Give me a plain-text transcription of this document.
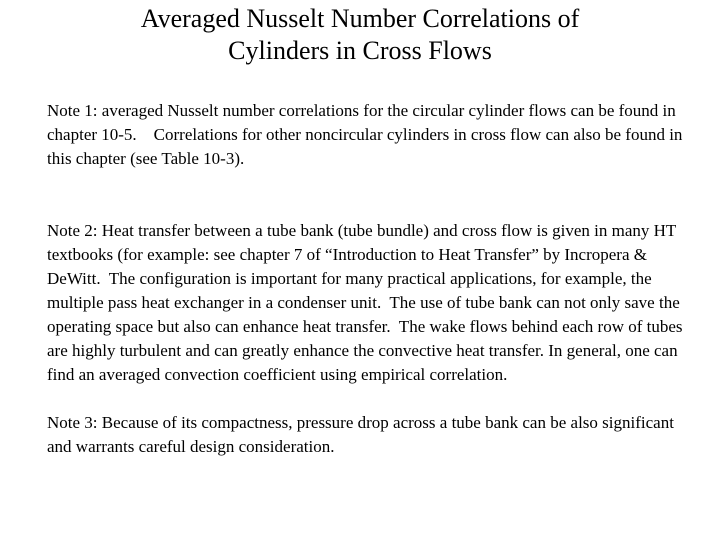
Averaged Nusselt Number Correlations of
Cylinders in Cross Flows

Note 1: averaged Nusselt number correlations for the circular cylinder flows can be found in chapter 10-5.    Correlations for other noncircular cylinders in cross flow can also be found in this chapter (see Table 10-3).

Note 2: Heat transfer between a tube bank (tube bundle) and cross flow is given in many HT textbooks (for example: see chapter 7 of “Introduction to Heat Transfer” by Incropera & DeWitt.  The configuration is important for many practical applications, for example, the multiple pass heat exchanger in a condenser unit.  The use of tube bank can not only save the operating space but also can enhance heat transfer.  The wake flows behind each row of tubes are highly turbulent and can greatly enhance the convective heat transfer. In general, one can find an averaged convection coefficient using empirical correlation.

Note 3: Because of its compactness, pressure drop across a tube bank can be also significant and warrants careful design consideration.
